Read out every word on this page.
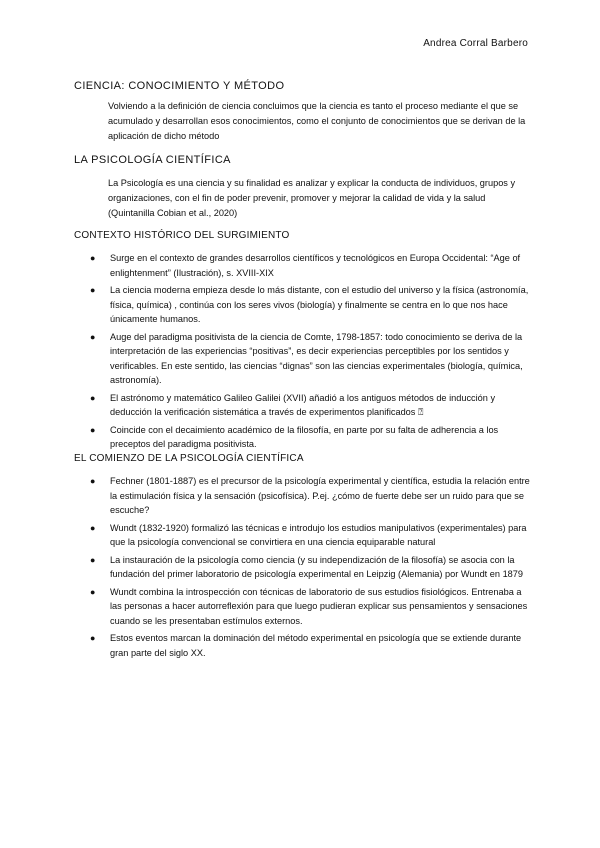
Andrea Corral Barbero
CIENCIA: CONOCIMIENTO Y MÉTODO
Volviendo a la definición de ciencia concluimos que la ciencia es tanto el proceso mediante el que se acumulado y desarrollan esos conocimientos, como el conjunto de conocimientos que se derivan de la aplicación de dicho método
LA PSICOLOGÍA CIENTÍFICA
La Psicología es una ciencia y su finalidad es analizar y explicar la conducta de individuos, grupos y organizaciones, con el fin de poder prevenir, promover y mejorar la calidad de vida y la salud (Quintanilla Cobian et al., 2020)
CONTEXTO HISTÓRICO DEL SURGIMIENTO
● Surge en el contexto de grandes desarrollos científicos y tecnológicos en Europa Occidental: “Age of enlightenment” (Ilustración), s. XVIII-XIX
● La ciencia moderna empieza desde lo más distante, con el estudio del universo y la física (astronomía, física, química) , continúa con los seres vivos (biología) y finalmente se centra en lo que nos hace únicamente humanos.
● Auge del paradigma positivista de la ciencia de Comte, 1798-1857: todo conocimiento se deriva de la interpretación de las experiencias “positivas”, es decir experiencias perceptibles por los sentidos y verificables. En este sentido, las ciencias “dignas” son las ciencias experimentales (biología, química, astronomía).
● El astrónomo y matemático Galileo Galilei (XVII) añadió a los antiguos métodos de inducción y deducción la verificación sistemática a través de experimentos planificados ⍰
● Coincide con el decaimiento académico de la filosofía, en parte por su falta de adherencia a los preceptos del paradigma positivista.
EL COMIENZO DE LA PSICOLOGÍA CIENTÍFICA
● Fechner (1801-1887) es el precursor de la psicología experimental y científica, estudia la relación entre la estimulación física y la sensación (psicofísica). P.ej. ¿cómo de fuerte debe ser un ruido para que se escuche?
● Wundt (1832-1920) formalizó las técnicas e introdujo los estudios manipulativos (experimentales) para que la psicología convencional se convirtiera en una ciencia equiparable natural
● La instauración de la psicología como ciencia (y su independización de la filosofía) se asocia con la fundación del primer laboratorio de psicología experimental en Leipzig (Alemania) por Wundt en 1879
● Wundt combina la introspección con técnicas de laboratorio de sus estudios fisiológicos. Entrenaba a las personas a hacer autorreflexión para que luego pudieran explicar sus pensamientos y sensaciones cuando se les presentaban estímulos externos.
● Estos eventos marcan la dominación del método experimental en psicología que se extiende durante gran parte del siglo XX.
